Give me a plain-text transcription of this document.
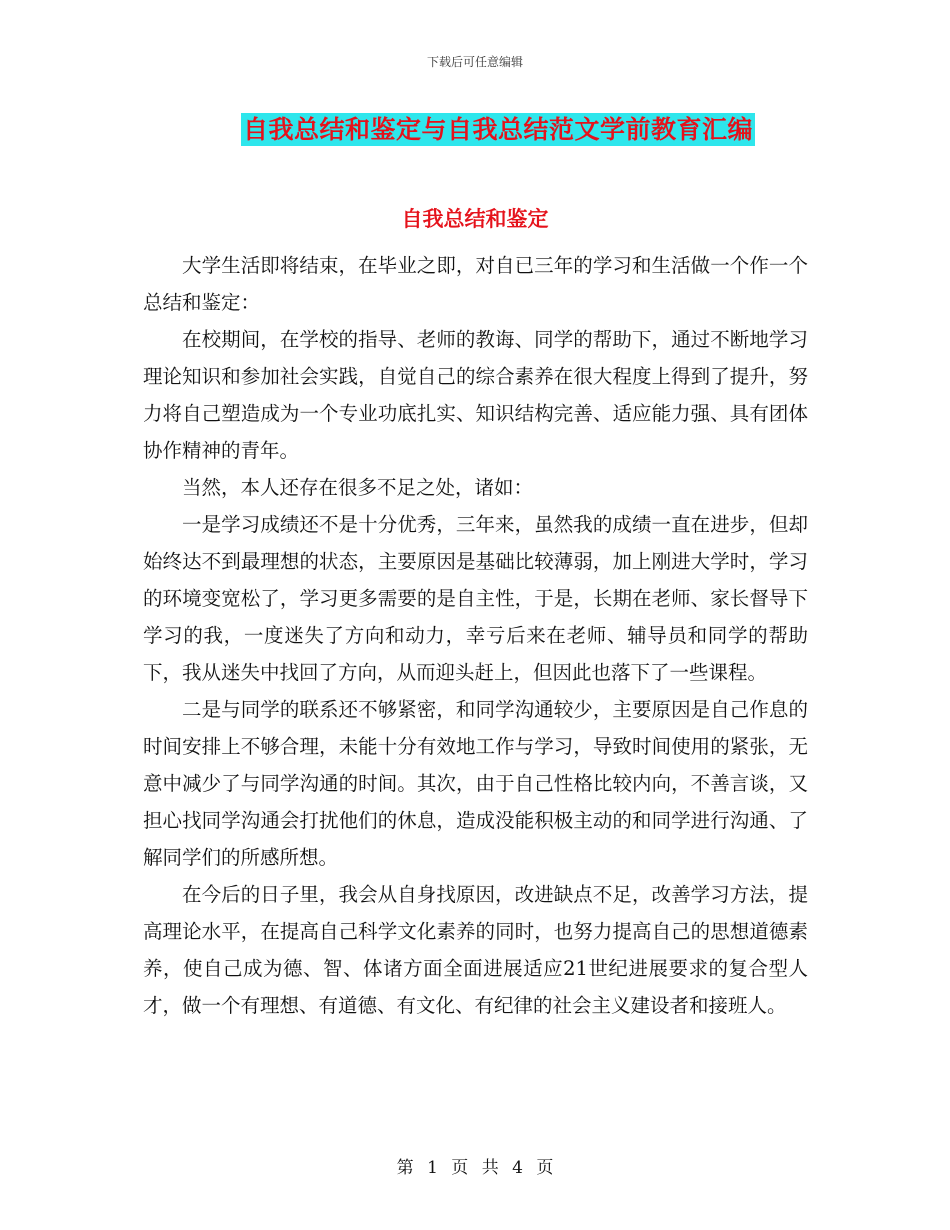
下载后可任意编辑
自我总结和鉴定与自我总结范文学前教育汇编
自我总结和鉴定

大学生活即将结束，在毕业之即，对自已三年的学习和生活做一个作一个总结和鉴定：

在校期间，在学校的指导、老师的教诲、同学的帮助下，通过不断地学习理论知识和参加社会实践，自觉自己的综合素养在很大程度上得到了提升，努力将自己塑造成为一个专业功底扎实、知识结构完善、适应能力强、具有团体协作精神的青年。

当然，本人还存在很多不足之处，诸如：

一是学习成绩还不是十分优秀，三年来，虽然我的成绩一直在进步，但却始终达不到最理想的状态，主要原因是基础比较薄弱，加上刚进大学时，学习的环境变宽松了，学习更多需要的是自主性，于是，长期在老师、家长督导下学习的我，一度迷失了方向和动力，幸亏后来在老师、辅导员和同学的帮助下，我从迷失中找回了方向，从而迎头赶上，但因此也落下了一些课程。

二是与同学的联系还不够紧密，和同学沟通较少，主要原因是自己作息的时间安排上不够合理，未能十分有效地工作与学习，导致时间使用的紧张，无意中减少了与同学沟通的时间。其次，由于自己性格比较内向，不善言谈，又担心找同学沟通会打扰他们的休息，造成没能积极主动的和同学进行沟通、了解同学们的所感所想。

在今后的日子里，我会从自身找原因，改进缺点不足，改善学习方法，提高理论水平，在提高自己科学文化素养的同时，也努力提高自己的思想道德素养，使自己成为德、智、体诸方面全面进展适应21世纪进展要求的复合型人才，做一个有理想、有道德、有文化、有纪律的社会主义建设者和接班人。

第 1 页 共 4 页
